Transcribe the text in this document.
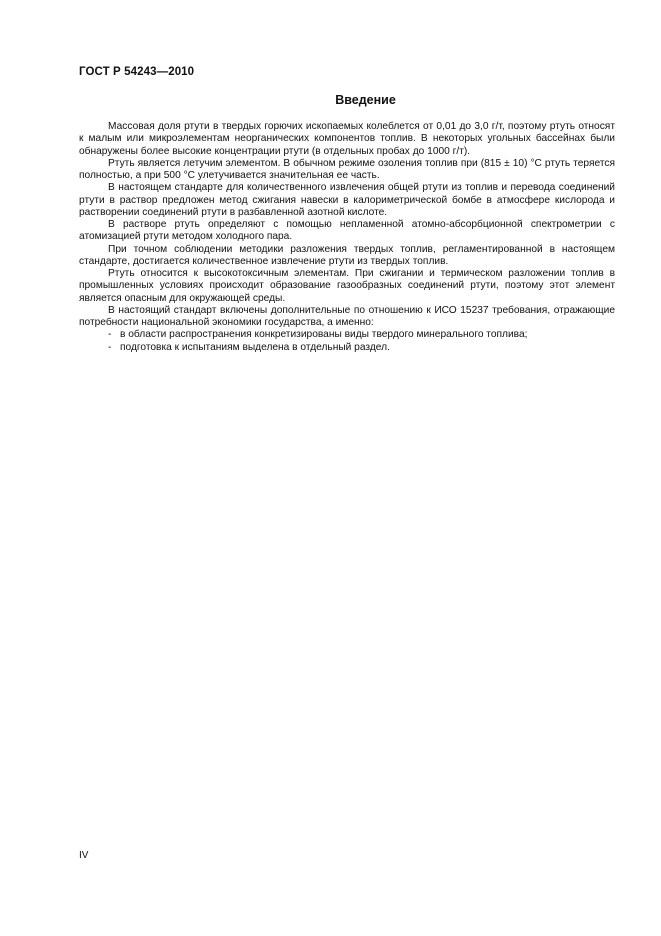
ГОСТ Р 54243—2010
Введение

Массовая доля ртути в твердых горючих ископаемых колеблется от 0,01 до 3,0 г/т, поэтому ртуть относят к малым или микроэлементам неорганических компонентов топлив. В некоторых угольных бассейнах были обнаружены более высокие концентрации ртути (в отдельных пробах до 1000 г/т).

Ртуть является летучим элементом. В обычном режиме озоления топлив при (815 ± 10) °С ртуть теряется полностью, а при 500 °С улетучивается значительная ее часть.

В настоящем стандарте для количественного извлечения общей ртути из топлив и перевода соединений ртути в раствор предложен метод сжигания навески в калориметрической бомбе в атмосфере кислорода и растворении соединений ртути в разбавленной азотной кислоте.

В растворе ртуть определяют с помощью непламенной атомно-абсорбционной спектрометрии с атомизацией ртути методом холодного пара.

При точном соблюдении методики разложения твердых топлив, регламентированной в настоящем стандарте, достигается количественное извлечение ртути из твердых топлив.

Ртуть относится к высокотоксичным элементам. При сжигании и термическом разложении топлив в промышленных условиях происходит образование газообразных соединений ртути, поэтому этот элемент является опасным для окружающей среды.

В настоящий стандарт включены дополнительные по отношению к ИСО 15237 требования, отражающие потребности национальной экономики государства, а именно:

- в области распространения конкретизированы виды твердого минерального топлива;
- подготовка к испытаниям выделена в отдельный раздел.
IV
